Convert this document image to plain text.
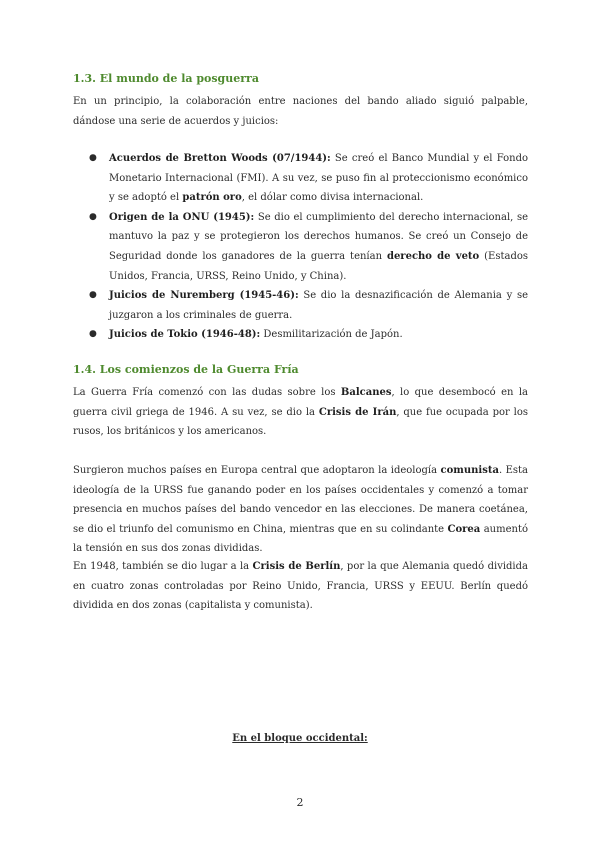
1.3. El mundo de la posguerra

En un principio, la colaboración entre naciones del bando aliado siguió palpable, dándose una serie de acuerdos y juicios:

● Acuerdos de Bretton Woods (07/1944): Se creó el Banco Mundial y el Fondo Monetario Internacional (FMI). A su vez, se puso fin al proteccionismo económico y se adoptó el patrón oro, el dólar como divisa internacional.
● Origen de la ONU (1945): Se dio el cumplimiento del derecho internacional, se mantuvo la paz y se protegieron los derechos humanos. Se creó un Consejo de Seguridad donde los ganadores de la guerra tenían derecho de veto (Estados Unidos, Francia, URSS, Reino Unido, y China).
● Juicios de Nuremberg (1945-46): Se dio la desnazificación de Alemania y se juzgaron a los criminales de guerra.
● Juicios de Tokio (1946-48): Desmilitarización de Japón.
1.4. Los comienzos de la Guerra Fría

La Guerra Fría comenzó con las dudas sobre los Balcanes, lo que desembocó en la guerra civil griega de 1946. A su vez, se dio la Crisis de Irán, que fue ocupada por los rusos, los británicos y los americanos.

Surgieron muchos países en Europa central que adoptaron la ideología comunista. Esta ideología de la URSS fue ganando poder en los países occidentales y comenzó a tomar presencia en muchos países del bando vencedor en las elecciones. De manera coetánea, se dio el triunfo del comunismo en China, mientras que en su colindante Corea aumentó la tensión en sus dos zonas divididas.

En 1948, también se dio lugar a la Crisis de Berlín, por la que Alemania quedó dividida en cuatro zonas controladas por Reino Unido, Francia, URSS y EEUU. Berlín quedó dividida en dos zonas (capitalista y comunista).

En el bloque occidental:
2
